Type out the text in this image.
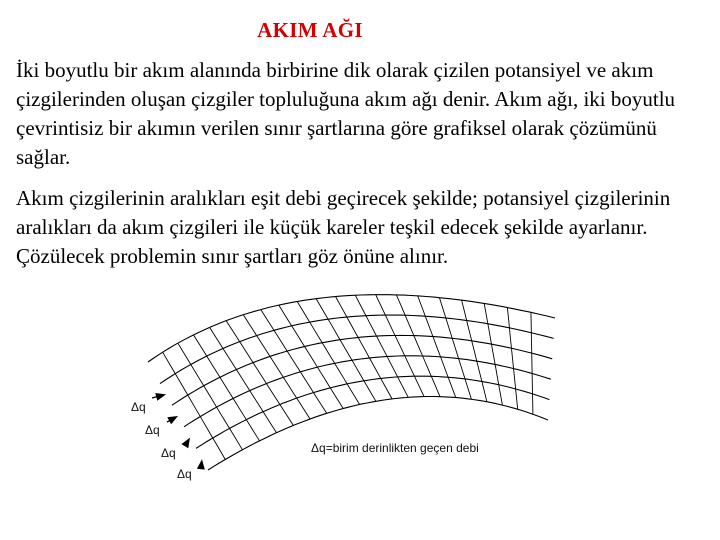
AKIM AĞI

İki boyutlu bir akım alanında birbirine dik olarak çizilen potansiyel ve akım çizgilerinden oluşan çizgiler topluluğuna akım ağı denir. Akım ağı, iki boyutlu çevrintisiz bir akımın verilen sınır şartlarına göre grafiksel olarak çözümünü sağlar.

Akım çizgilerinin aralıkları eşit debi geçirecek şekilde; potansiyel çizgilerinin aralıkları da akım çizgileri ile küçük kareler teşkil edecek şekilde ayarlanır. Çözülecek problemin sınır şartları göz önüne alınır.

Δq
Δq
Δq
Δq
Δq=birim derinlikten geçen debi
